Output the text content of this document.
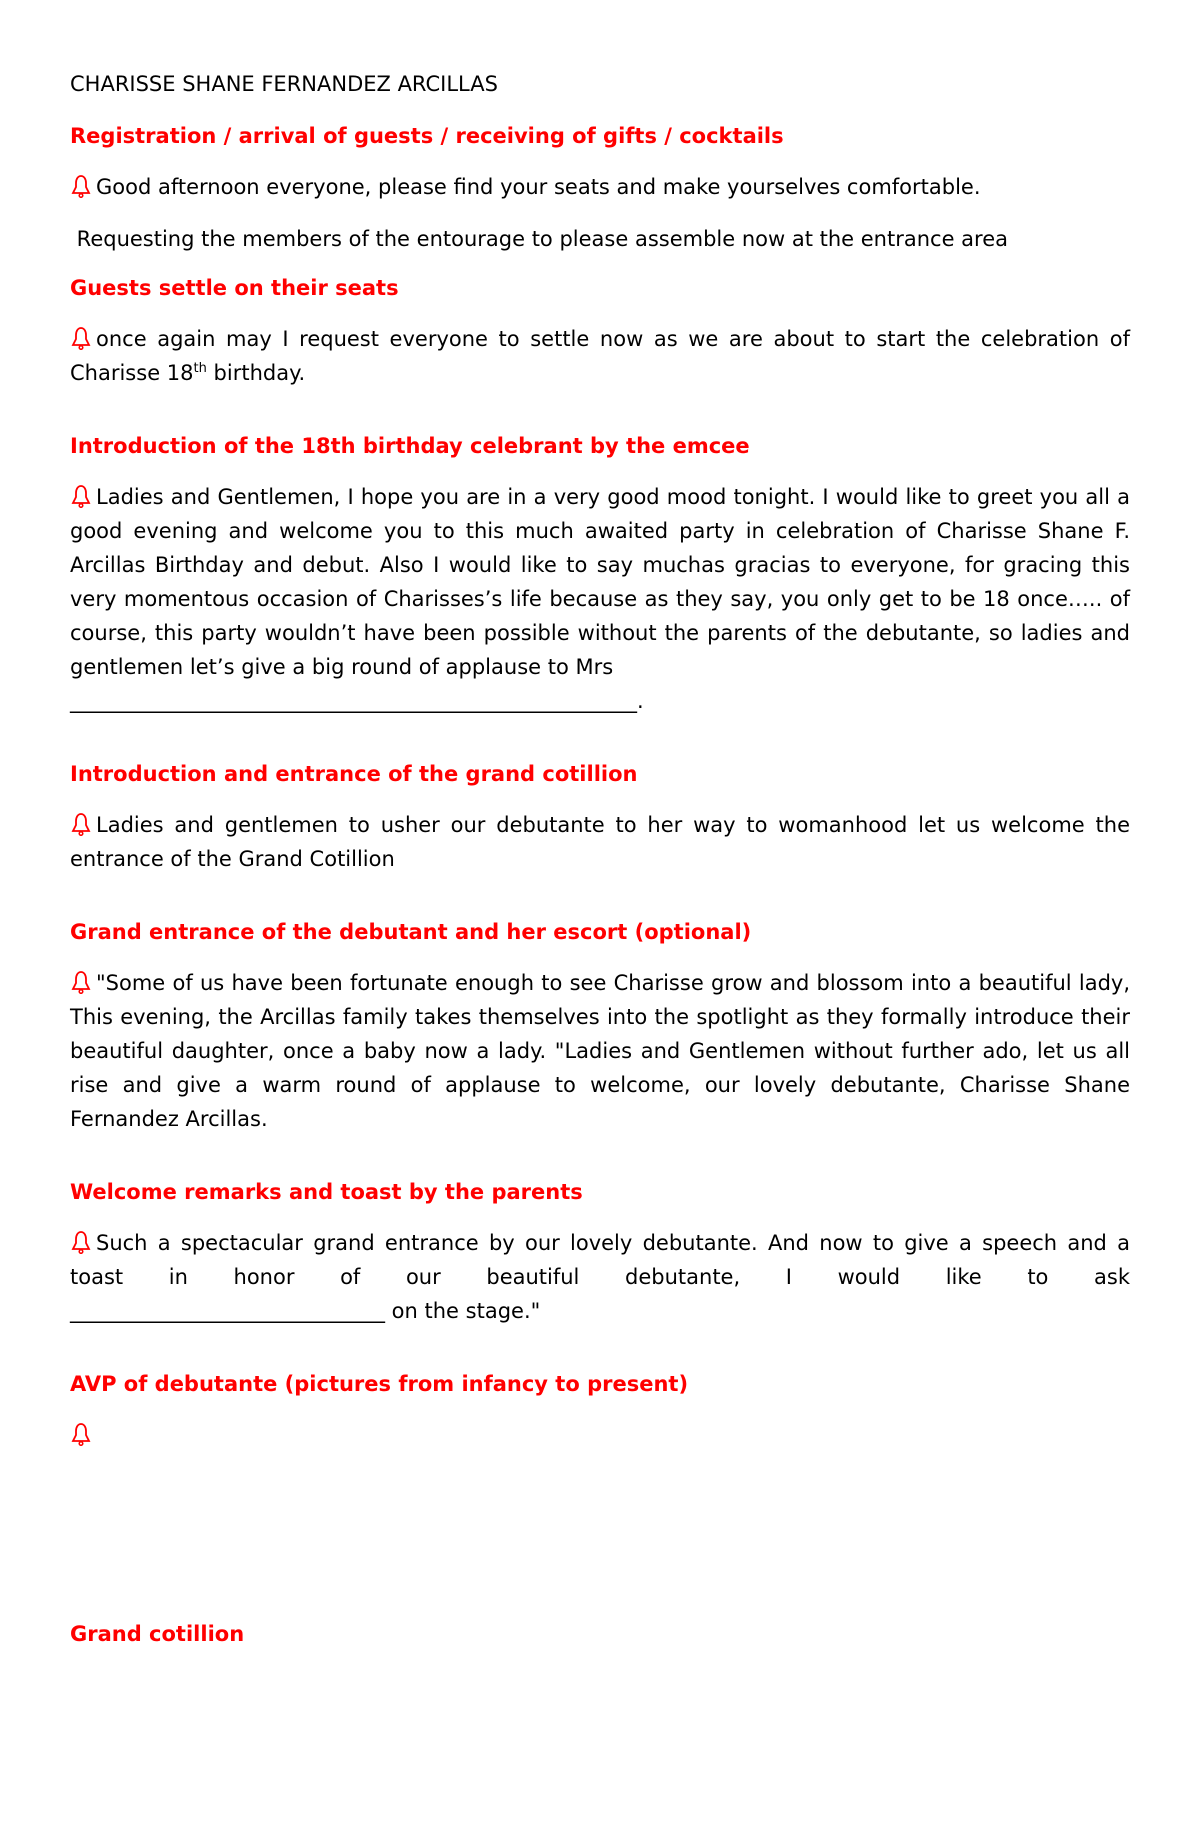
CHARISSE SHANE FERNANDEZ ARCILLAS
Registration / arrival of guests / receiving of gifts / cocktails
Good afternoon everyone, please find your seats and make yourselves comfortable.
Requesting the members of the entourage to please assemble now at the entrance area
Guests settle on their seats
once again may I request everyone to settle now as we are about to start the celebration of Charisse 18th birthday.
Introduction of the 18th birthday celebrant by the emcee
Ladies and Gentlemen, I hope you are in a very good mood tonight. I would like to greet you all a good evening and welcome you to this much awaited party in celebration of Charisse Shane F. Arcillas Birthday and debut. Also I would like to say muchas gracias to everyone, for gracing this very momentous occasion of Charisses’s life because as they say, you only get to be 18 once….. of course, this party wouldn’t have been possible without the parents of the debutante, so ladies and gentlemen let’s give a big round of applause to Mrs
______________________________________________________.
Introduction and entrance of the grand cotillion
Ladies and gentlemen to usher our debutante to her way to womanhood let us welcome the entrance of the Grand Cotillion
Grand entrance of the debutant and her escort (optional)
"Some of us have been fortunate enough to see Charisse grow and blossom into a beautiful lady, This evening, the Arcillas family takes themselves into the spotlight as they formally introduce their beautiful daughter, once a baby now a lady. "Ladies and Gentlemen without further ado, let us all rise and give a warm round of applause to welcome, our lovely debutante, Charisse Shane Fernandez Arcillas.
Welcome remarks and toast by the parents
Such a spectacular grand entrance by our lovely debutante. And now to give a speech and a toast in honor of our beautiful debutante, I would like to ask
______________________________ on the stage."
AVP of debutante (pictures from infancy to present)
Grand cotillion
